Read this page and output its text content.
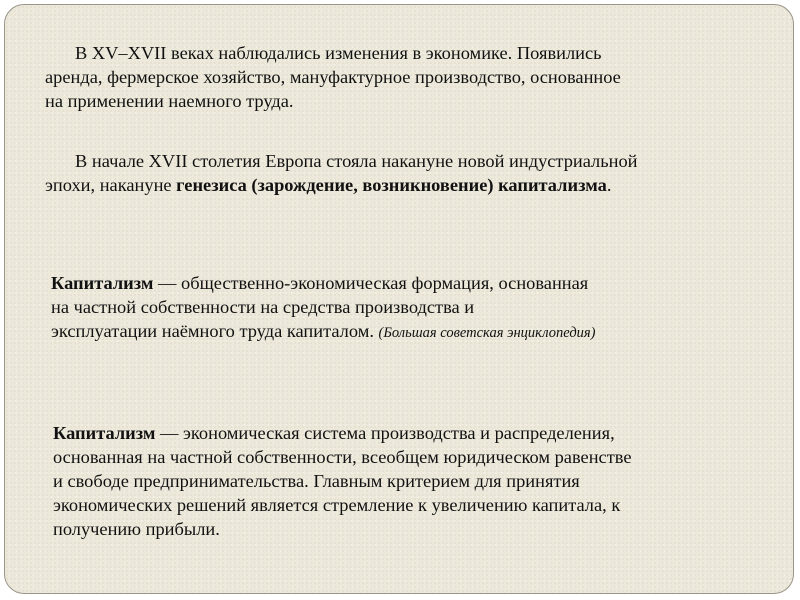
В XV–XVII веках наблюдались изменения в экономике. Появились
аренда, фермерское хозяйство, мануфактурное производство, основанное
на применении наемного труда.
В начале XVII столетия Европа стояла накануне новой индустриальной
эпохи, накануне генезиса (зарождение, возникновение) капитализма.
Капитализм — общественно-экономическая формация, основанная
на частной собственности на средства производства и
эксплуатации наёмного труда капиталом. (Большая советская энциклопедия)
Капитализм — экономическая система производства и распределения,
основанная на частной собственности, всеобщем юридическом равенстве
и свободе предпринимательства. Главным критерием для принятия
экономических решений является стремление к увеличению капитала, к
получению прибыли.
